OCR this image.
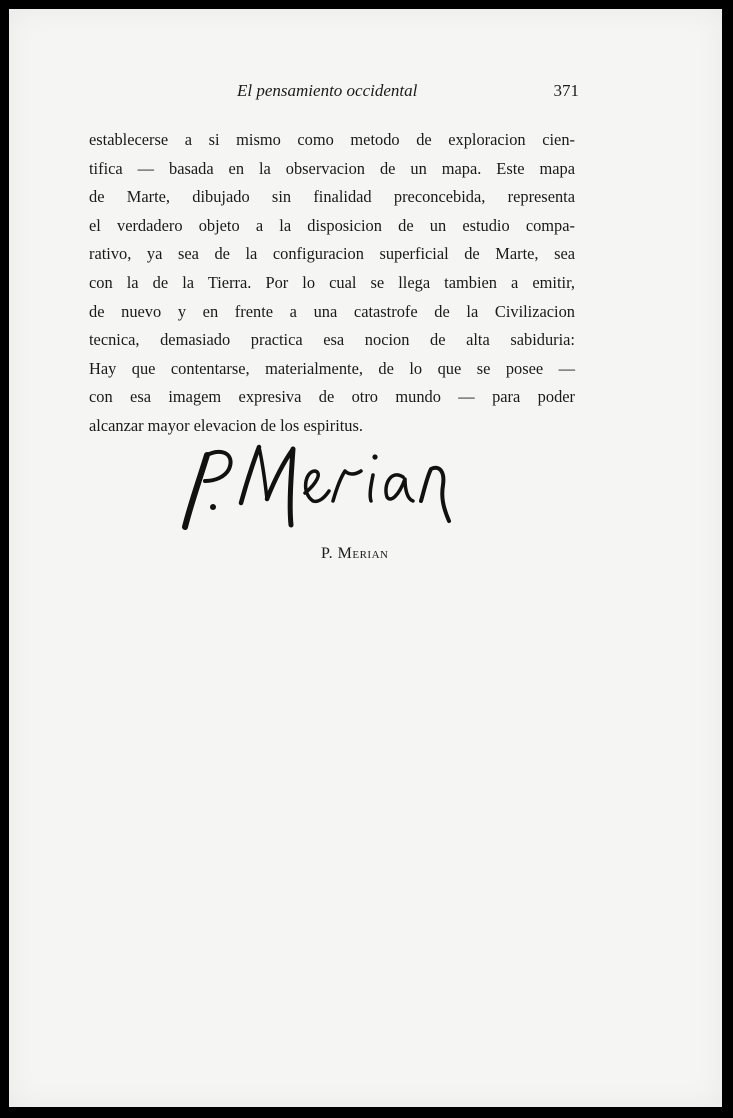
El pensamiento occidental	371
establecerse a si mismo como metodo de exploracion cien-
tifica — basada en la observacion de un mapa. Este mapa
de Marte, dibujado sin finalidad preconcebida, representa
el verdadero objeto a la disposicion de un estudio compa-
rativo, ya sea de la configuracion superficial de Marte, sea
con la de la Tierra. Por lo cual se llega tambien a emitir,
de nuevo y en frente a una catastrofe de la Civilizacion
tecnica, demasiado practica esa nocion de alta sabiduria:
Hay que contentarse, materialmente, de lo que se posee —
con esa imagem expresiva de otro mundo — para poder
alcanzar mayor elevacion de los espiritus.
P. Merian
